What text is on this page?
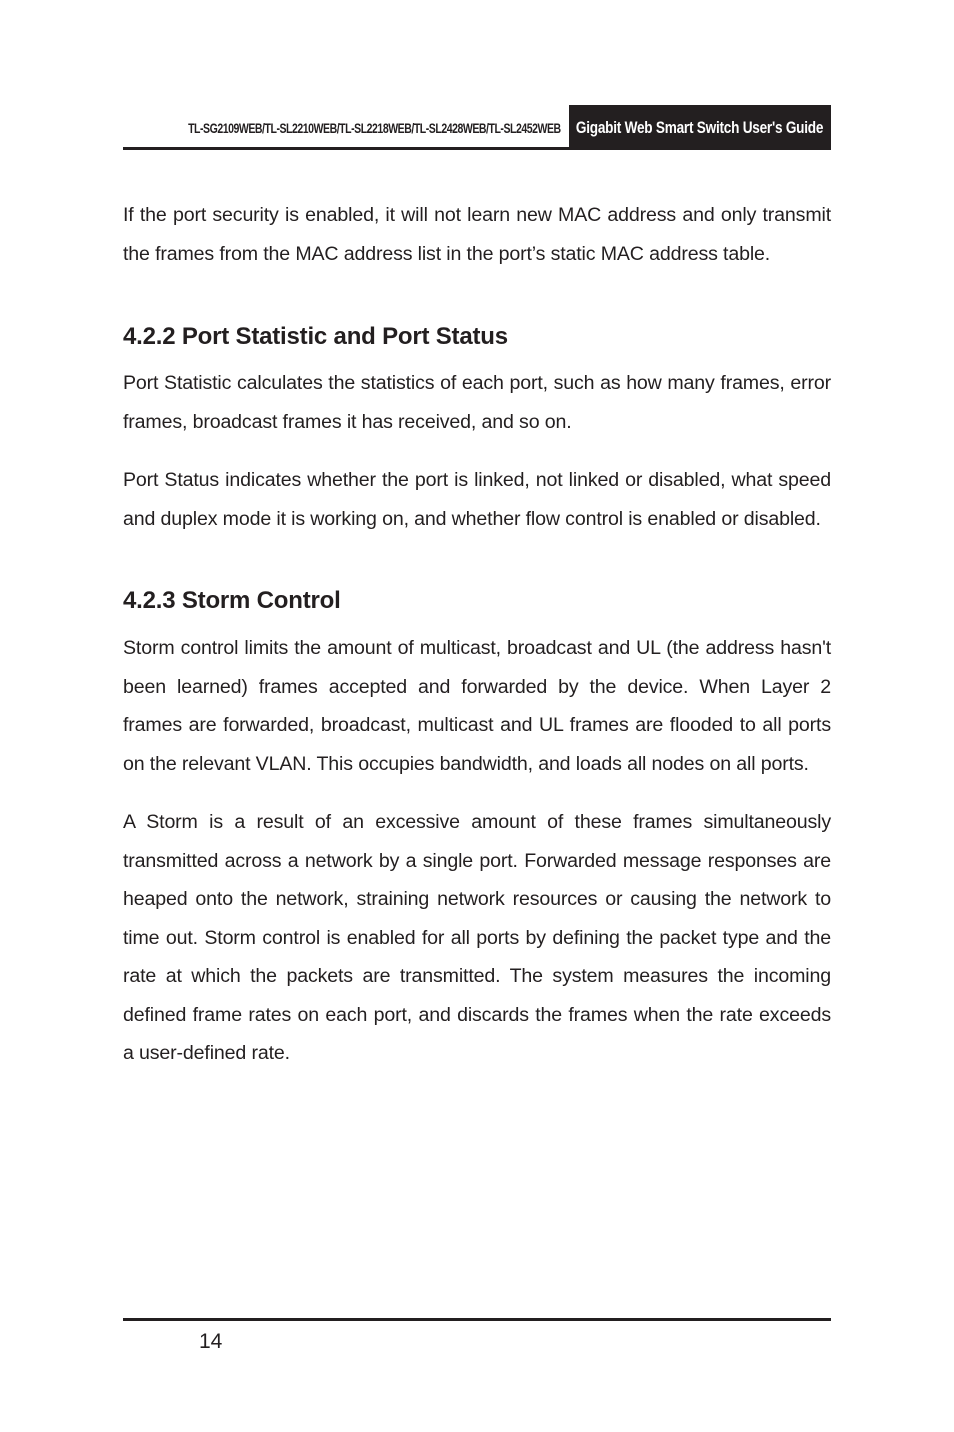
TL-SG2109WEB/TL-SL2210WEB/TL-SL2218WEB/TL-SL2428WEB/TL-SL2452WEB Gigabit Web Smart Switch User's Guide

If the port security is enabled, it will not learn new MAC address and only transmit the frames from the MAC address list in the port’s static MAC address table.

4.2.2 Port Statistic and Port Status

Port Statistic calculates the statistics of each port, such as how many frames, error frames, broadcast frames it has received, and so on.

Port Status indicates whether the port is linked, not linked or disabled, what speed and duplex mode it is working on, and whether flow control is enabled or disabled.

4.2.3 Storm Control

Storm control limits the amount of multicast, broadcast and UL (the address hasn't been learned) frames accepted and forwarded by the device. When Layer 2 frames are forwarded, broadcast, multicast and UL frames are flooded to all ports on the relevant VLAN. This occupies bandwidth, and loads all nodes on all ports.

A Storm is a result of an excessive amount of these frames simultaneously transmitted across a network by a single port. Forwarded message responses are heaped onto the network, straining network resources or causing the network to time out. Storm control is enabled for all ports by defining the packet type and the rate at which the packets are transmitted. The system measures the incoming defined frame rates on each port, and discards the frames when the rate exceeds a user-defined rate.

14
